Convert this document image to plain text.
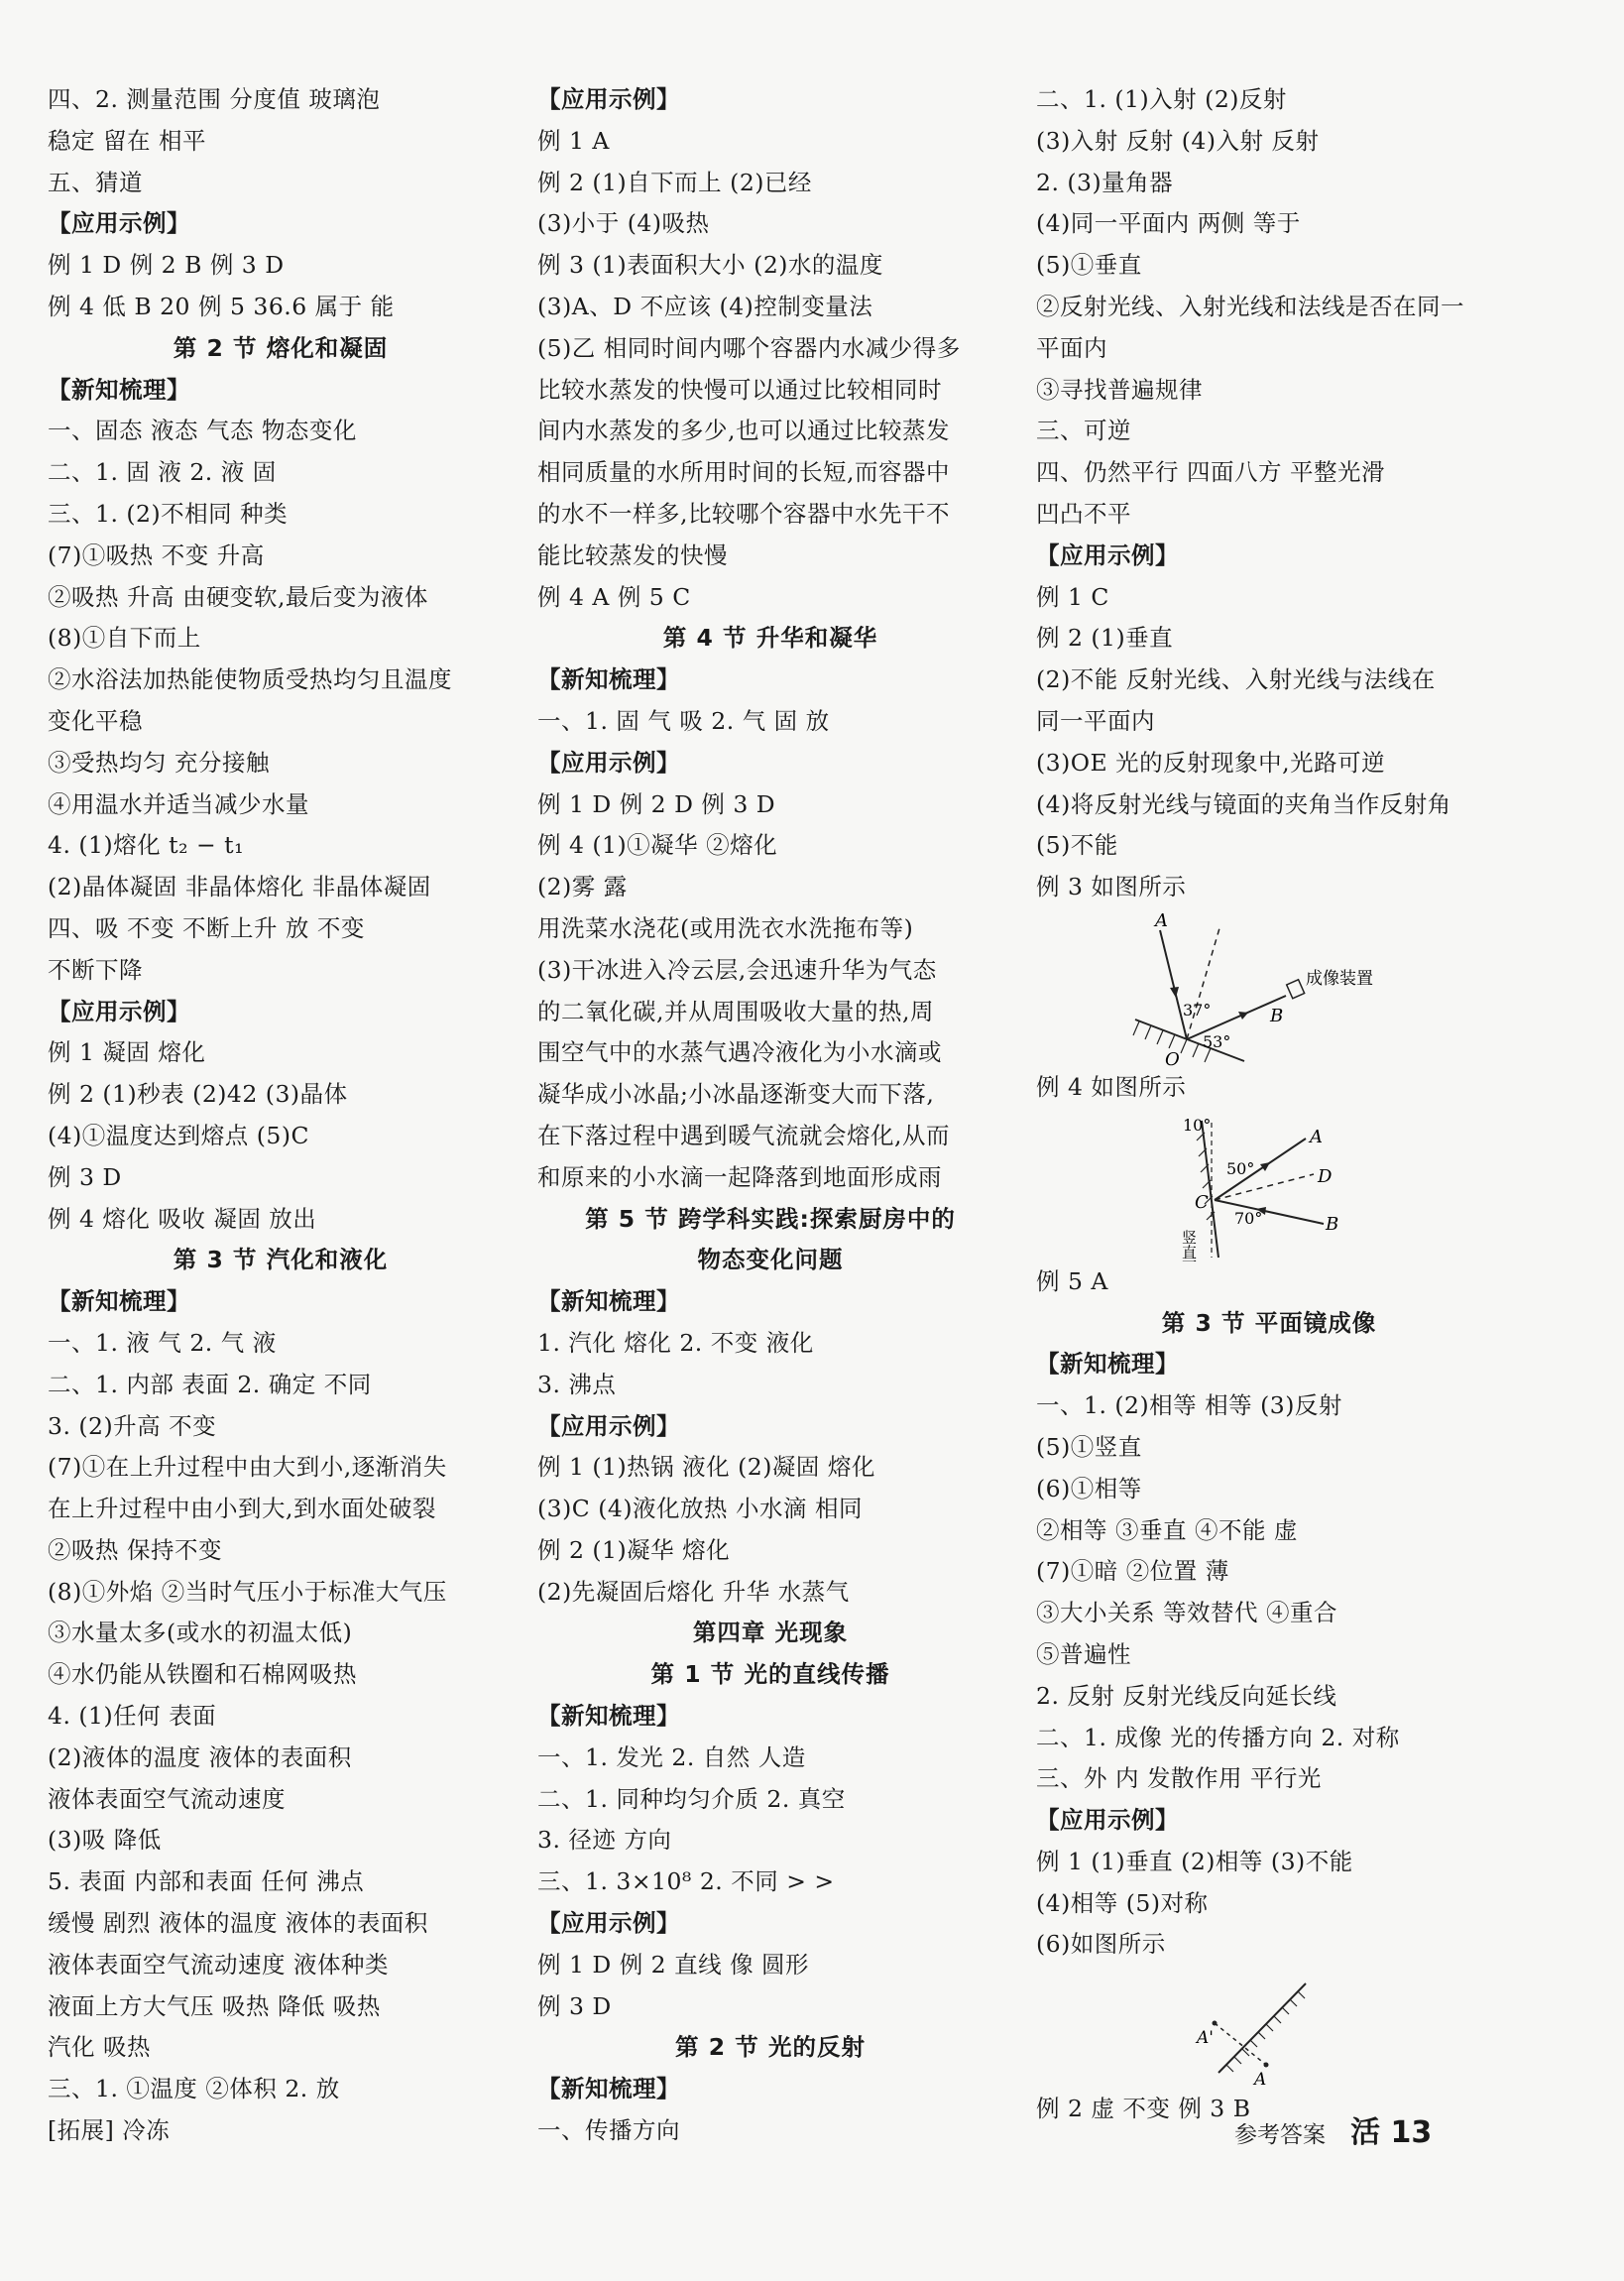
四、2. 测量范围 分度值 玻璃泡
稳定 留在 相平
五、猜道
【应用示例】
例 1 D 例 2 B 例 3 D
例 4 低 B 20 例 5 36.6 属于 能
第 2 节 熔化和凝固
【新知梳理】
一、固态 液态 气态 物态变化
二、1. 固 液 2. 液 固
三、1. (2)不相同 种类
(7)①吸热 不变 升高
②吸热 升高 由硬变软,最后变为液体
(8)①自下而上
②水浴法加热能使物质受热均匀且温度
变化平稳
③受热均匀 充分接触
④用温水并适当减少水量
4. (1)熔化 t₂ − t₁
(2)晶体凝固 非晶体熔化 非晶体凝固
四、吸 不变 不断上升 放 不变
不断下降
【应用示例】
例 1 凝固 熔化
例 2 (1)秒表 (2)42 (3)晶体
(4)①温度达到熔点 (5)C
例 3 D
例 4 熔化 吸收 凝固 放出
第 3 节 汽化和液化
【新知梳理】
一、1. 液 气 2. 气 液
二、1. 内部 表面 2. 确定 不同
3. (2)升高 不变
(7)①在上升过程中由大到小,逐渐消失
在上升过程中由小到大,到水面处破裂
②吸热 保持不变
(8)①外焰 ②当时气压小于标准大气压
③水量太多(或水的初温太低)
④水仍能从铁圈和石棉网吸热
4. (1)任何 表面
(2)液体的温度 液体的表面积
液体表面空气流动速度
(3)吸 降低
5. 表面 内部和表面 任何 沸点
缓慢 剧烈 液体的温度 液体的表面积
液体表面空气流动速度 液体种类
液面上方大气压 吸热 降低 吸热
汽化 吸热
三、1. ①温度 ②体积 2. 放
[拓展] 冷冻
【应用示例】
例 1 A
例 2 (1)自下而上 (2)已经
(3)小于 (4)吸热
例 3 (1)表面积大小 (2)水的温度
(3)A、D 不应该 (4)控制变量法
(5)乙 相同时间内哪个容器内水减少得多
比较水蒸发的快慢可以通过比较相同时
间内水蒸发的多少,也可以通过比较蒸发
相同质量的水所用时间的长短,而容器中
的水不一样多,比较哪个容器中水先干不
能比较蒸发的快慢
例 4 A 例 5 C
第 4 节 升华和凝华
【新知梳理】
一、1. 固 气 吸 2. 气 固 放
【应用示例】
例 1 D 例 2 D 例 3 D
例 4 (1)①凝华 ②熔化
(2)雾 露
用洗菜水浇花(或用洗衣水洗拖布等)
(3)干冰进入冷云层,会迅速升华为气态
的二氧化碳,并从周围吸收大量的热,周
围空气中的水蒸气遇冷液化为小水滴或
凝华成小冰晶;小冰晶逐渐变大而下落,
在下落过程中遇到暖气流就会熔化,从而
和原来的小水滴一起降落到地面形成雨
第 5 节 跨学科实践:探索厨房中的
物态变化问题
【新知梳理】
1. 汽化 熔化 2. 不变 液化
3. 沸点
【应用示例】
例 1 (1)热锅 液化 (2)凝固 熔化
(3)C (4)液化放热 小水滴 相同
例 2 (1)凝华 熔化
(2)先凝固后熔化 升华 水蒸气
第四章 光现象
第 1 节 光的直线传播
【新知梳理】
一、1. 发光 2. 自然 人造
二、1. 同种均匀介质 2. 真空
3. 径迹 方向
三、1. 3×10⁸ 2. 不同 > >
【应用示例】
例 1 D 例 2 直线 像 圆形
例 3 D
第 2 节 光的反射
【新知梳理】
一、传播方向
二、1. (1)入射 (2)反射
(3)入射 反射 (4)入射 反射
2. (3)量角器
(4)同一平面内 两侧 等于
(5)①垂直
②反射光线、入射光线和法线是否在同一
平面内
③寻找普遍规律
三、可逆
四、仍然平行 四面八方 平整光滑
凹凸不平
【应用示例】
例 1 C
例 2 (1)垂直
(2)不能 反射光线、入射光线与法线在
同一平面内
(3)OE 光的反射现象中,光路可逆
(4)将反射光线与镜面的夹角当作反射角
(5)不能
例 3 如图所示
A
B
O
37°
53°
成像装置
例 4 如图所示
10°
50°
70°
A
D
B
C
竖直面
例 5 A
第 3 节 平面镜成像
【新知梳理】
一、1. (2)相等 相等 (3)反射
(5)①竖直
(6)①相等
②相等 ③垂直 ④不能 虚
(7)①暗 ②位置 薄
③大小关系 等效替代 ④重合
⑤普遍性
2. 反射 反射光线反向延长线
二、1. 成像 光的传播方向 2. 对称
三、外 内 发散作用 平行光
【应用示例】
例 1 (1)垂直 (2)相等 (3)不能
(4)相等 (5)对称
(6)如图所示
A'
A
例 2 虚 不变 例 3 B
参考答案 活 13
